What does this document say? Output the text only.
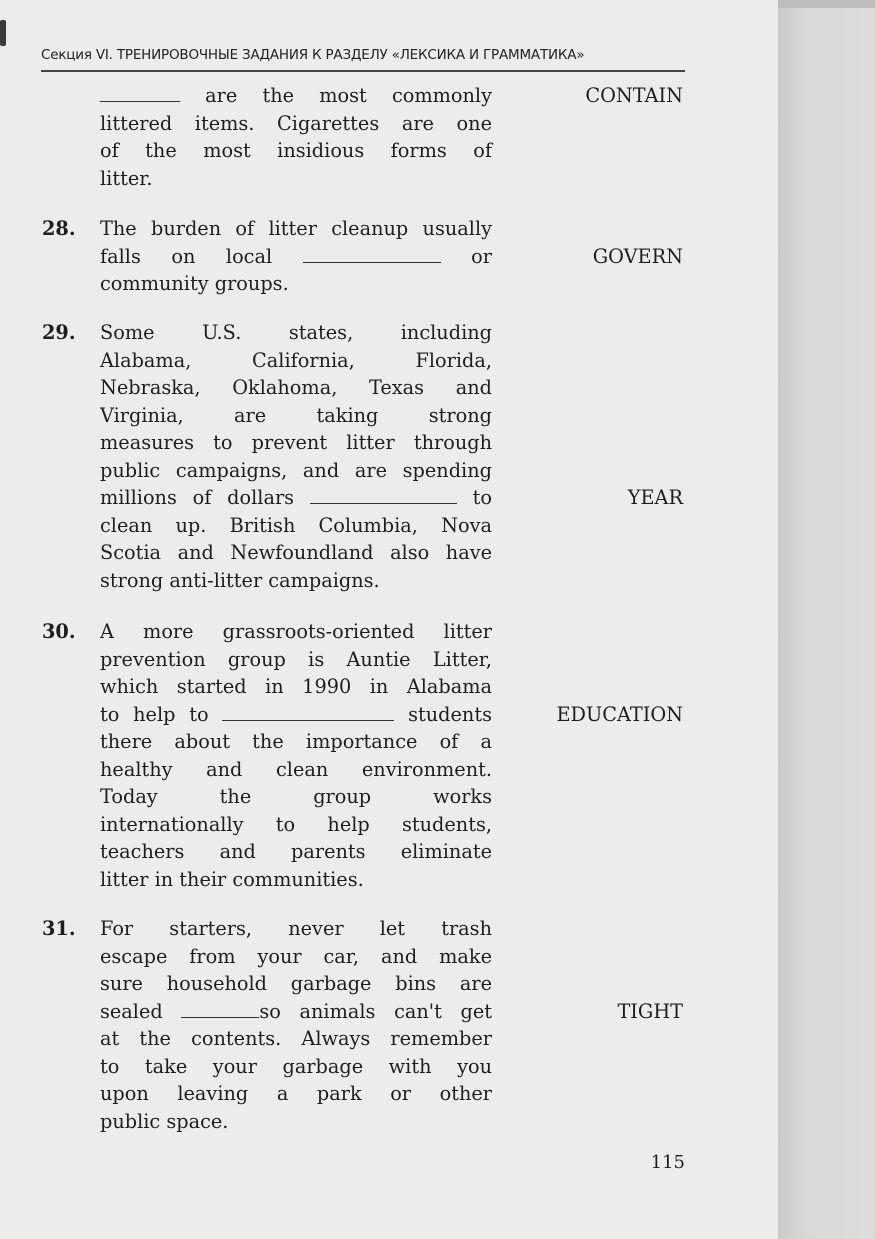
Секция VI. ТРЕНИРОВОЧНЫЕ ЗАДАНИЯ К РАЗДЕЛУ «ЛЕКСИКА И ГРАММАТИКА»
are the most commonly
littered items. Cigarettes are one
of the most insidious forms of
litter.
CONTAIN
28. The burden of litter cleanup usually
falls on local	or
community groups.
GOVERN
29. Some U.S. states, including
Alabama, California, Florida,
Nebraska, Oklahoma, Texas and
Virginia, are taking strong
measures to prevent litter through
public campaigns, and are spending
millions of dollars	to
clean up. British Columbia, Nova
Scotia and Newfoundland also have
strong anti-litter campaigns.
YEAR
30. A more grassroots-oriented litter
prevention group is Auntie Litter,
which started in 1990 in Alabama
to help to	students
there about the importance of a
healthy and clean environment.
Today the group works
internationally to help students,
teachers and parents eliminate
litter in their communities.
EDUCATION
31. For starters, never let trash
escape from your car, and make
sure household garbage bins are
sealed	so animals can't get
at the contents. Always remember
to take your garbage with you
upon leaving a park or other
public space.
TIGHT
115
